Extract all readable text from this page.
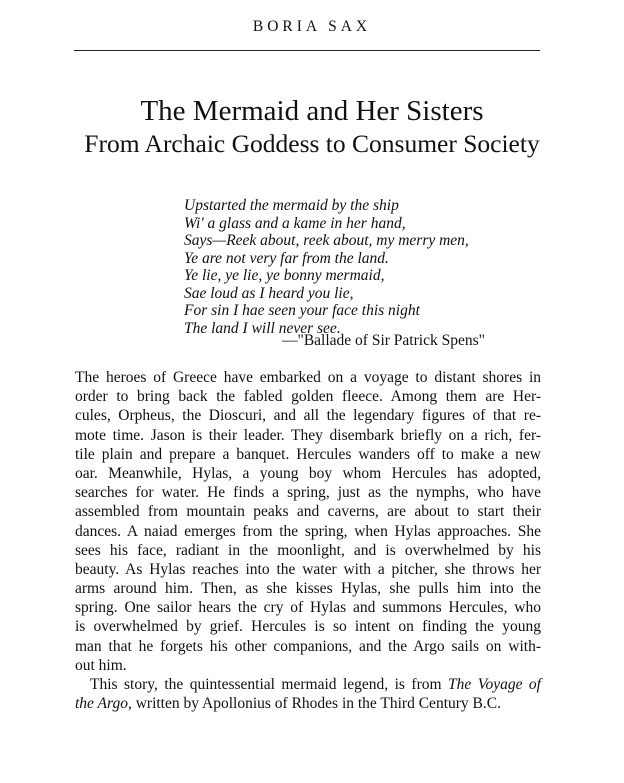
BORIA SAX
The Mermaid and Her Sisters
From Archaic Goddess to Consumer Society
Upstarted the mermaid by the ship
Wi' a glass and a kame in her hand,
Says—Reek about, reek about, my merry men,
Ye are not very far from the land.
Ye lie, ye lie, ye bonny mermaid,
Sae loud as I heard you lie,
For sin I hae seen your face this night
The land I will never see.
—"Ballade of Sir Patrick Spens"
The heroes of Greece have embarked on a voyage to distant shores in
order to bring back the fabled golden fleece. Among them are Her-
cules, Orpheus, the Dioscuri, and all the legendary figures of that re-
mote time. Jason is their leader. They disembark briefly on a rich, fer-
tile plain and prepare a banquet. Hercules wanders off to make a new
oar. Meanwhile, Hylas, a young boy whom Hercules has adopted,
searches for water. He finds a spring, just as the nymphs, who have
assembled from mountain peaks and caverns, are about to start their
dances. A naiad emerges from the spring, when Hylas approaches. She
sees his face, radiant in the moonlight, and is overwhelmed by his
beauty. As Hylas reaches into the water with a pitcher, she throws her
arms around him. Then, as she kisses Hylas, she pulls him into the
spring. One sailor hears the cry of Hylas and summons Hercules, who
is overwhelmed by grief. Hercules is so intent on finding the young
man that he forgets his other companions, and the Argo sails on with-
out him.
This story, the quintessential mermaid legend, is from The Voyage of
the Argo, written by Apollonius of Rhodes in the Third Century B.C.
